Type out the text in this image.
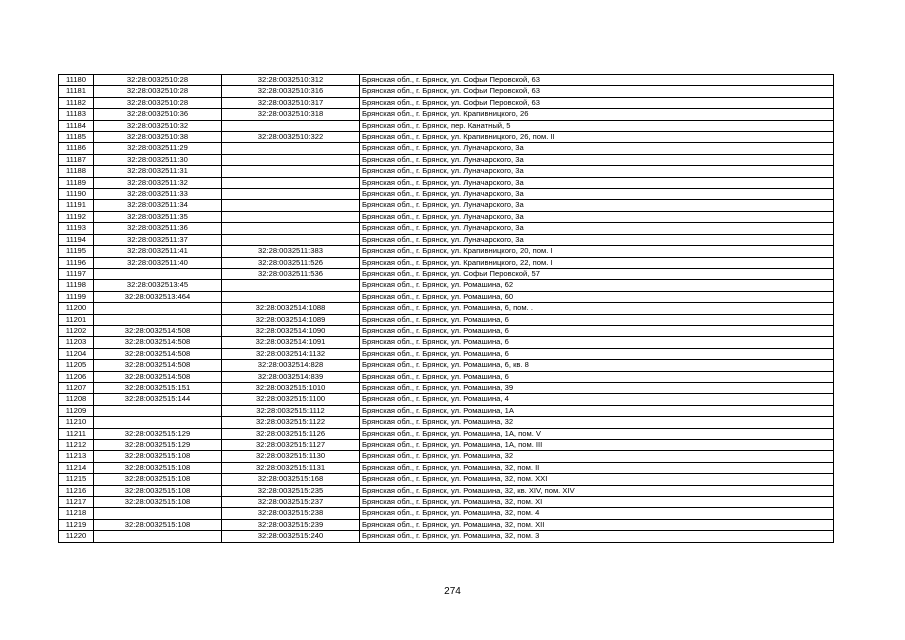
11180	32:28:0032510:28	32:28:0032510:312	Брянская обл., г. Брянск, ул. Софьи Перовской, 63
11181	32:28:0032510:28	32:28:0032510:316	Брянская обл., г. Брянск, ул. Софьи Перовской, 63
11182	32:28:0032510:28	32:28:0032510:317	Брянская обл., г. Брянск, ул. Софьи Перовской, 63
11183	32:28:0032510:36	32:28:0032510:318	Брянская обл., г. Брянск, ул. Крапивницкого, 26
11184	32:28:0032510:32		Брянская обл., г. Брянск, пер. Канатный, 5
11185	32:28:0032510:38	32:28:0032510:322	Брянская обл., г. Брянск, ул. Крапивницкого, 26, пом. II
11186	32:28:0032511:29		Брянская обл., г. Брянск, ул. Луначарского, 3а
11187	32:28:0032511:30		Брянская обл., г. Брянск, ул. Луначарского, 3а
11188	32:28:0032511:31		Брянская обл., г. Брянск, ул. Луначарского, 3а
11189	32:28:0032511:32		Брянская обл., г. Брянск, ул. Луначарского, 3а
11190	32:28:0032511:33		Брянская обл., г. Брянск, ул. Луначарского, 3а
11191	32:28:0032511:34		Брянская обл., г. Брянск, ул. Луначарского, 3а
11192	32:28:0032511:35		Брянская обл., г. Брянск, ул. Луначарского, 3а
11193	32:28:0032511:36		Брянская обл., г. Брянск, ул. Луначарского, 3а
11194	32:28:0032511:37		Брянская обл., г. Брянск, ул. Луначарского, 3а
11195	32:28:0032511:41	32:28:0032511:383	Брянская обл., г. Брянск, ул. Крапивницкого, 20, пом. I
11196	32:28:0032511:40	32:28:0032511:526	Брянская обл., г. Брянск, ул. Крапивницкого, 22, пом. I
11197		32:28:0032511:536	Брянская обл., г. Брянск, ул. Софьи Перовской, 57
11198	32:28:0032513:45		Брянская обл., г. Брянск, ул. Ромашина, 62
11199	32:28:0032513:464		Брянская обл., г. Брянск, ул. Ромашина, 60
11200		32:28:0032514:1088	Брянская обл., г. Брянск, ул. Ромашина, 6, пом. .
11201		32:28:0032514:1089	Брянская обл., г. Брянск, ул. Ромашина, 6
11202	32:28:0032514:508	32:28:0032514:1090	Брянская обл., г. Брянск, ул. Ромашина, 6
11203	32:28:0032514:508	32:28:0032514:1091	Брянская обл., г. Брянск, ул. Ромашина, 6
11204	32:28:0032514:508	32:28:0032514:1132	Брянская обл., г. Брянск, ул. Ромашина, 6
11205	32:28:0032514:508	32:28:0032514:828	Брянская обл., г. Брянск, ул. Ромашина, 6, кв. 8
11206	32:28:0032514:508	32:28:0032514:839	Брянская обл., г. Брянск, ул. Ромашина, 6
11207	32:28:0032515:151	32:28:0032515:1010	Брянская обл., г. Брянск, ул. Ромашина, 39
11208	32:28:0032515:144	32:28:0032515:1100	Брянская обл., г. Брянск, ул. Ромашина, 4
11209		32:28:0032515:1112	Брянская обл., г. Брянск, ул. Ромашина, 1А
11210		32:28:0032515:1122	Брянская обл., г. Брянск, ул. Ромашина, 32
11211	32:28:0032515:129	32:28:0032515:1126	Брянская обл., г. Брянск, ул. Ромашина, 1А, пом. V
11212	32:28:0032515:129	32:28:0032515:1127	Брянская обл., г. Брянск, ул. Ромашина, 1А, пом. III
11213	32:28:0032515:108	32:28:0032515:1130	Брянская обл., г. Брянск, ул. Ромашина, 32
11214	32:28:0032515:108	32:28:0032515:1131	Брянская обл., г. Брянск, ул. Ромашина, 32, пом. II
11215	32:28:0032515:108	32:28:0032515:168	Брянская обл., г. Брянск, ул. Ромашина, 32, пом. XXI
11216	32:28:0032515:108	32:28:0032515:235	Брянская обл., г. Брянск, ул. Ромашина, 32, кв. XIV, пом. XIV
11217	32:28:0032515:108	32:28:0032515:237	Брянская обл., г. Брянск, ул. Ромашина, 32, пом. XI
11218		32:28:0032515:238	Брянская обл., г. Брянск, ул. Ромашина, 32, пом. 4
11219	32:28:0032515:108	32:28:0032515:239	Брянская обл., г. Брянск, ул. Ромашина, 32, пом. XII
11220		32:28:0032515:240	Брянская обл., г. Брянск, ул. Ромашина, 32, пом. 3
274
